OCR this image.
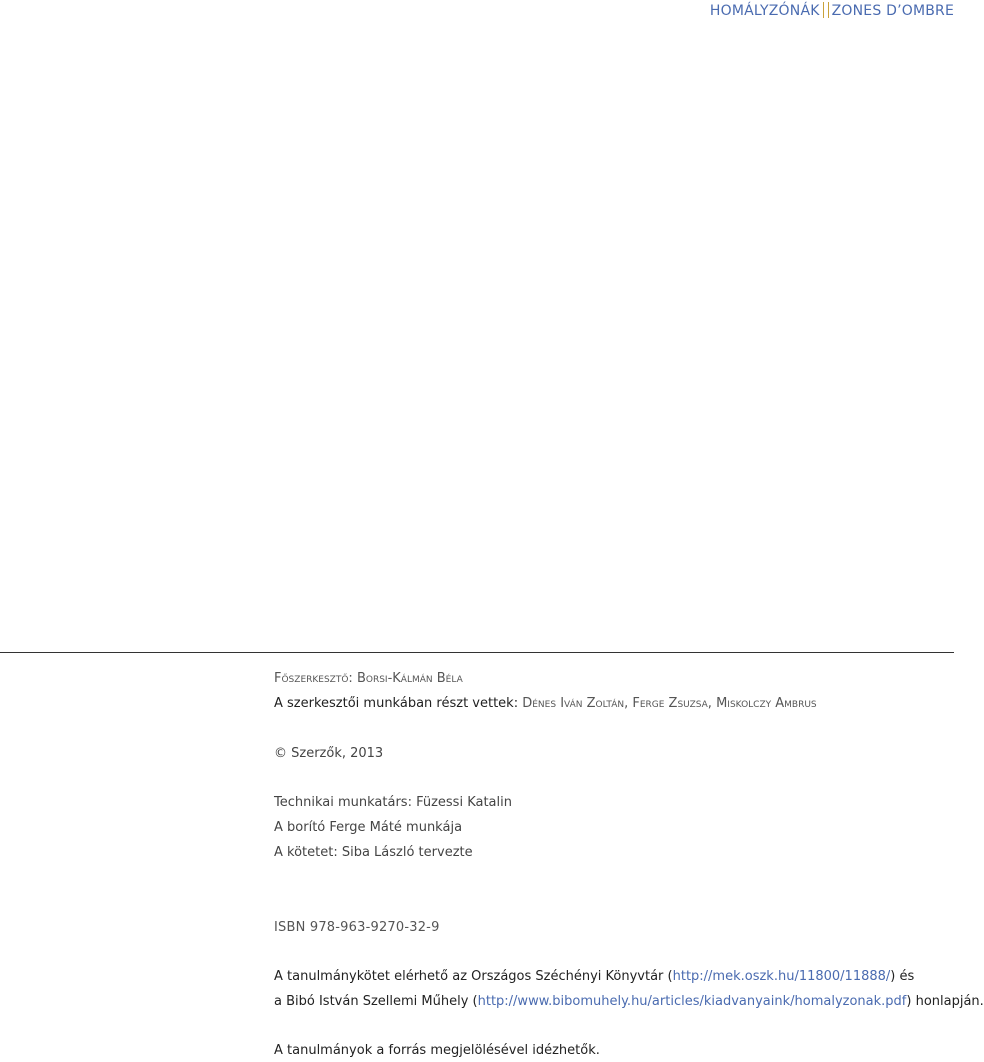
HOMÁLYZÓNÁK ZONES D’OMBRE
Főszerkesztő: Borsi-Kálmán Béla
A szerkesztői munkában részt vettek: Dénes Iván Zoltán, Ferge Zsuzsa, Miskolczy Ambrus
© Szerzők, 2013
Technikai munkatárs: Füzessi Katalin
A borító Ferge Máté munkája
A kötetet: Siba László tervezte
ISBN 978-963-9270-32-9
A tanulmánykötet elérhető az Országos Széchényi Könyvtár (http://mek.oszk.hu/11800/11888/) és
a Bibó István Szellemi Műhely (http://www.bibomuhely.hu/articles/kiadvanyaink/homalyzonak.pdf) honlapján.
A tanulmányok a forrás megjelölésével idézhetők.
